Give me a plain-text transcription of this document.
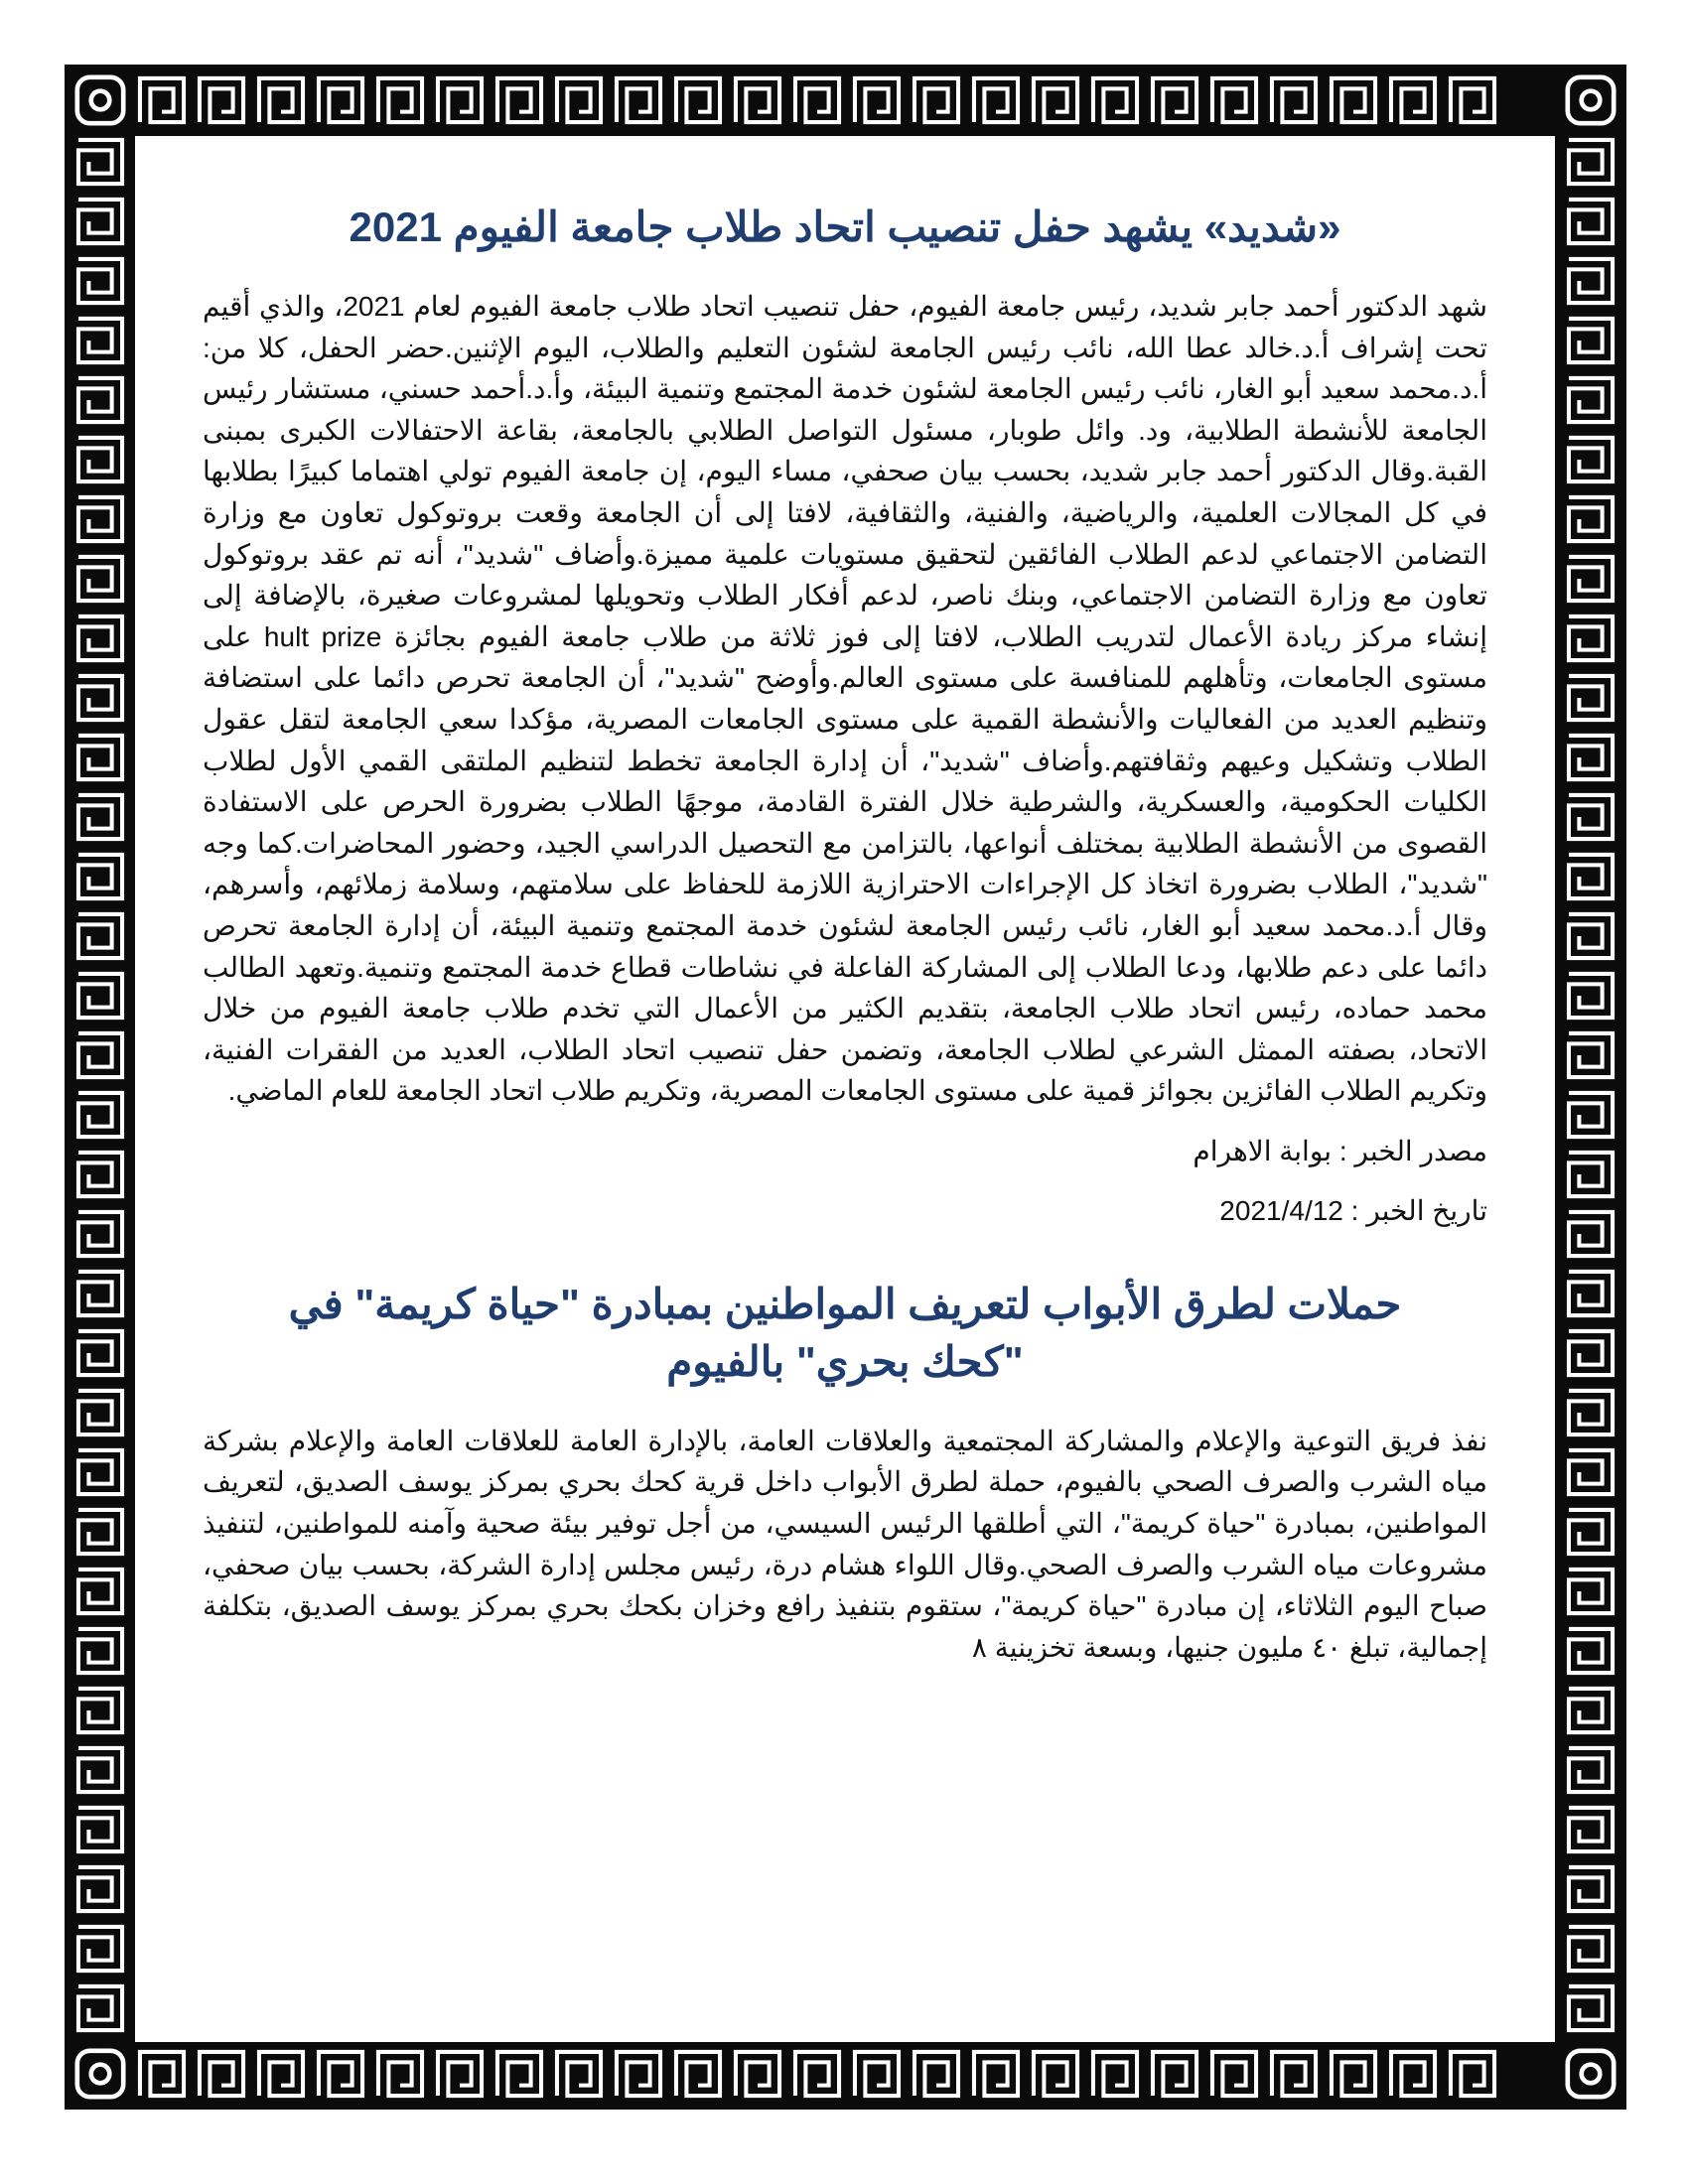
«شديد» يشهد حفل تنصيب اتحاد طلاب جامعة الفيوم 2021

شهد الدكتور أحمد جابر شديد، رئيس جامعة الفيوم، حفل تنصيب اتحاد طلاب جامعة الفيوم لعام 2021، والذي أقيم تحت إشراف أ.د.خالد عطا الله، نائب رئيس الجامعة لشئون التعليم والطلاب، اليوم الإثنين.حضر الحفل، كلا من: أ.د.محمد سعيد أبو الغار، نائب رئيس الجامعة لشئون خدمة المجتمع وتنمية البيئة، وأ.د.أحمد حسني، مستشار رئيس الجامعة للأنشطة الطلابية، ود. وائل طوبار، مسئول التواصل الطلابي بالجامعة، بقاعة الاحتفالات الكبرى بمبنى القبة.وقال الدكتور أحمد جابر شديد، بحسب بيان صحفي، مساء اليوم، إن جامعة الفيوم تولي اهتماما كبيرًا بطلابها في كل المجالات العلمية، والرياضية، والفنية، والثقافية، لافتا إلى أن الجامعة وقعت بروتوكول تعاون مع وزارة التضامن الاجتماعي لدعم الطلاب الفائقين لتحقيق مستويات علمية مميزة.وأضاف "شديد"، أنه تم عقد بروتوكول تعاون مع وزارة التضامن الاجتماعي، وبنك ناصر، لدعم أفكار الطلاب وتحويلها لمشروعات صغيرة، بالإضافة إلى إنشاء مركز ريادة الأعمال لتدريب الطلاب، لافتا إلى فوز ثلاثة من طلاب جامعة الفيوم بجائزة hult prize على مستوى الجامعات، وتأهلهم للمنافسة على مستوى العالم.وأوضح "شديد"، أن الجامعة تحرص دائما على استضافة وتنظيم العديد من الفعاليات والأنشطة القمية على مستوى الجامعات المصرية، مؤكدا سعي الجامعة لتقل عقول الطلاب وتشكيل وعيهم وثقافتهم.وأضاف "شديد"، أن إدارة الجامعة تخطط لتنظيم الملتقى القمي الأول لطلاب الكليات الحكومية، والعسكرية، والشرطية خلال الفترة القادمة، موجهًا الطلاب بضرورة الحرص على الاستفادة القصوى من الأنشطة الطلابية بمختلف أنواعها، بالتزامن مع التحصيل الدراسي الجيد، وحضور المحاضرات.كما وجه "شديد"، الطلاب بضرورة اتخاذ كل الإجراءات الاحترازية اللازمة للحفاظ على سلامتهم، وسلامة زملائهم، وأسرهم، وقال أ.د.محمد سعيد أبو الغار، نائب رئيس الجامعة لشئون خدمة المجتمع وتنمية البيئة، أن إدارة الجامعة تحرص دائما على دعم طلابها، ودعا الطلاب إلى المشاركة الفاعلة في نشاطات قطاع خدمة المجتمع وتنمية.وتعهد الطالب محمد حماده، رئيس اتحاد طلاب الجامعة، بتقديم الكثير من الأعمال التي تخدم طلاب جامعة الفيوم من خلال الاتحاد، بصفته الممثل الشرعي لطلاب الجامعة، وتضمن حفل تنصيب اتحاد الطلاب، العديد من الفقرات الفنية، وتكريم الطلاب الفائزين بجوائز قمية على مستوى الجامعات المصرية، وتكريم طلاب اتحاد الجامعة للعام الماضي.

مصدر الخبر : بوابة الاهرام

تاريخ الخبر : 2021/4/12

حملات لطرق الأبواب لتعريف المواطنين بمبادرة "حياة كريمة" في "كحك بحري" بالفيوم

نفذ فريق التوعية والإعلام والمشاركة المجتمعية والعلاقات العامة، بالإدارة العامة للعلاقات العامة والإعلام بشركة مياه الشرب والصرف الصحي بالفيوم، حملة لطرق الأبواب داخل قرية كحك بحري بمركز يوسف الصديق، لتعريف المواطنين، بمبادرة "حياة كريمة"، التي أطلقها الرئيس السيسي، من أجل توفير بيئة صحية وآمنه للمواطنين، لتنفيذ مشروعات مياه الشرب والصرف الصحي.وقال اللواء هشام درة، رئيس مجلس إدارة الشركة، بحسب بيان صحفي، صباح اليوم الثلاثاء، إن مبادرة "حياة كريمة"، ستقوم بتنفيذ رافع وخزان بكحك بحري بمركز يوسف الصديق، بتكلفة إجمالية، تبلغ ٤٠ مليون جنيها، وبسعة تخزينية ٨
